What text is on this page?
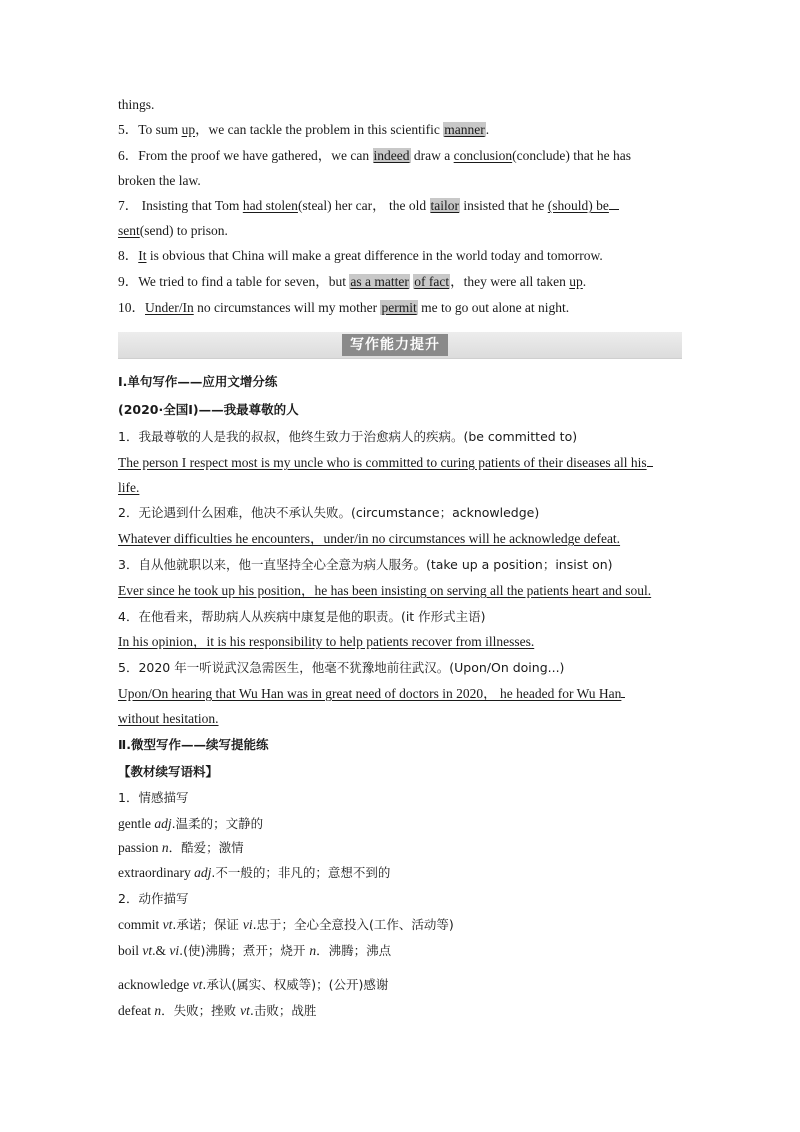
things.
5．To sum up，we can tackle the problem in this scientific manner.
6．From the proof we have gathered，we can indeed draw a conclusion(conclude) that he has
broken the law.
7． Insisting that Tom had stolen(steal) her car， the old tailor insisted that he (should) be
sent(send) to prison.
8．It is obvious that China will make a great difference in the world today and tomorrow.
9．We tried to find a table for seven，but as a matter of fact，they were all taken up.
10．Under/In no circumstances will my mother permit me to go out alone at night.
写作能力提升
Ⅰ.单句写作——应用文增分练
(2020·全国Ⅰ)——我最尊敬的人
1．我最尊敬的人是我的叔叔，他终生致力于治愈病人的疾病。(be committed to)
The person I respect most is my uncle who is committed to curing patients of their diseases all his
life.
2．无论遇到什么困难，他决不承认失败。(circumstance；acknowledge)
Whatever difficulties he encounters，under/in no circumstances will he acknowledge defeat.
3．自从他就职以来，他一直坚持全心全意为病人服务。(take up a position；insist on)
Ever since he took up his position，he has been insisting on serving all the patients heart and soul.
4．在他看来，帮助病人从疾病中康复是他的职责。(it 作形式主语)
In his opinion，it is his responsibility to help patients recover from illnesses.
5．2020 年一听说武汉急需医生，他毫不犹豫地前往武汉。(Upon/On doing...)
Upon/On hearing that Wu Han was in great need of doctors in 2020， he headed for Wu Han
without hesitation.
Ⅱ.微型写作——续写提能练
【教材续写语料】
1．情感描写
gentle adj.温柔的；文静的
passion n．酷爱；激情
extraordinary adj.不一般的；非凡的；意想不到的
2．动作描写
commit vt.承诺；保证 vi.忠于；全心全意投入(工作、活动等)
boil vt.& vi.(使)沸腾；煮开；烧开 n．沸腾；沸点
acknowledge vt.承认(属实、权威等)；(公开)感谢
defeat n．失败；挫败 vt.击败；战胜
